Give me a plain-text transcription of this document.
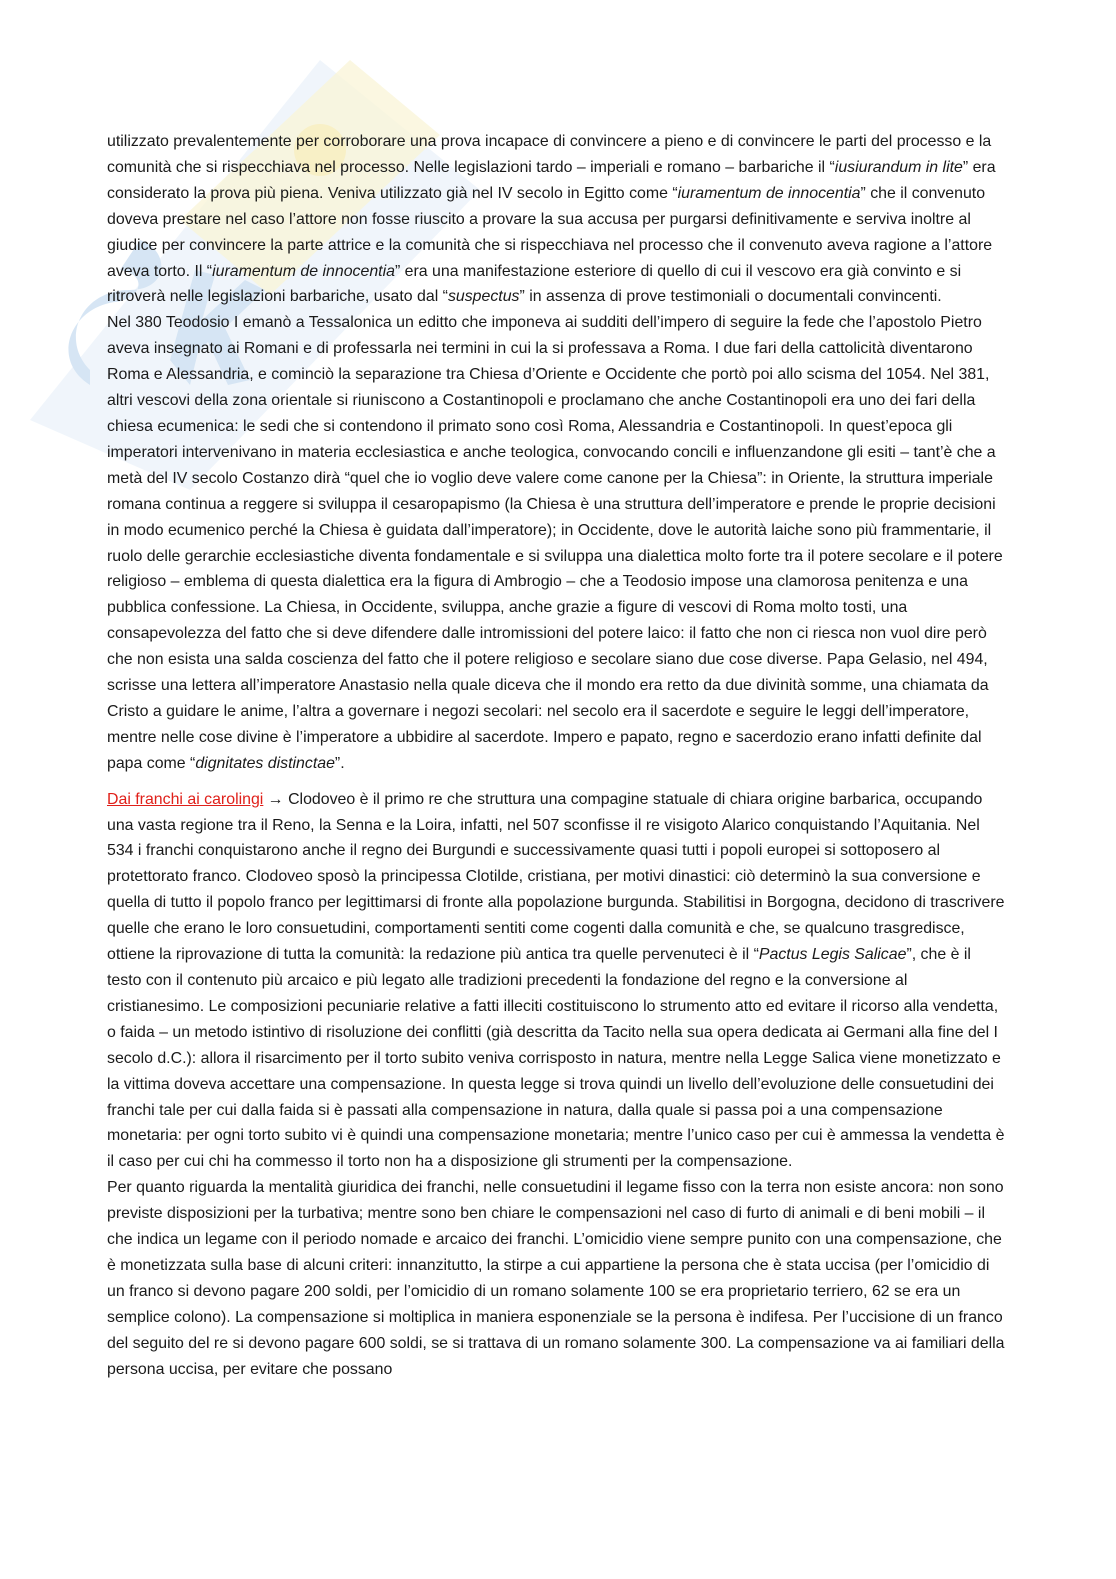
utilizzato prevalentemente per corroborare una prova incapace di convincere a pieno e di convincere le parti del processo e la comunità che si rispecchiava nel processo. Nelle legislazioni tardo – imperiali e romano – barbariche il “iusiurandum in lite” era considerato la prova più piena. Veniva utilizzato già nel IV secolo in Egitto come “iuramentum de innocentia” che il convenuto doveva prestare nel caso l’attore non fosse riuscito a provare la sua accusa per purgarsi definitivamente e serviva inoltre al giudice per convincere la parte attrice e la comunità che si rispecchiava nel processo che il convenuto aveva ragione a l’attore aveva torto. Il “iuramentum de innocentia” era una manifestazione esteriore di quello di cui il vescovo era già convinto e si ritroverà nelle legislazioni barbariche, usato dal “suspectus” in assenza di prove testimoniali o documentali convincenti.

Nel 380 Teodosio I emanò a Tessalonica un editto che imponeva ai sudditi dell’impero di seguire la fede che l’apostolo Pietro aveva insegnato ai Romani e di professarla nei termini in cui la si professava a Roma. I due fari della cattolicità diventarono Roma e Alessandria, e cominciò la separazione tra Chiesa d’Oriente e Occidente che portò poi allo scisma del 1054. Nel 381, altri vescovi della zona orientale si riuniscono a Costantinopoli e proclamano che anche Costantinopoli era uno dei fari della chiesa ecumenica: le sedi che si contendono il primato sono così Roma, Alessandria e Costantinopoli. In quest’epoca gli imperatori intervenivano in materia ecclesiastica e anche teologica, convocando concili e influenzandone gli esiti – tant’è che a metà del IV secolo Costanzo dirà “quel che io voglio deve valere come canone per la Chiesa”: in Oriente, la struttura imperiale romana continua a reggere si sviluppa il cesaropapismo (la Chiesa è una struttura dell’imperatore e prende le proprie decisioni in modo ecumenico perché la Chiesa è guidata dall’imperatore); in Occidente, dove le autorità laiche sono più frammentarie, il ruolo delle gerarchie ecclesiastiche diventa fondamentale e si sviluppa una dialettica molto forte tra il potere secolare e il potere religioso – emblema di questa dialettica era la figura di Ambrogio – che a Teodosio impose una clamorosa penitenza e una pubblica confessione. La Chiesa, in Occidente, sviluppa, anche grazie a figure di vescovi di Roma molto tosti, una consapevolezza del fatto che si deve difendere dalle intromissioni del potere laico: il fatto che non ci riesca non vuol dire però che non esista una salda coscienza del fatto che il potere religioso e secolare siano due cose diverse. Papa Gelasio, nel 494, scrisse una lettera all’imperatore Anastasio nella quale diceva che il mondo era retto da due divinità somme, una chiamata da Cristo a guidare le anime, l’altra a governare i negozi secolari: nel secolo era il sacerdote e seguire le leggi dell’imperatore, mentre nelle cose divine è l’imperatore a ubbidire al sacerdote. Impero e papato, regno e sacerdozio erano infatti definite dal papa come “dignitates distinctae”.

Dai franchi ai carolingi → Clodoveo è il primo re che struttura una compagine statuale di chiara origine barbarica, occupando una vasta regione tra il Reno, la Senna e la Loira, infatti, nel 507 sconfisse il re visigoto Alarico conquistando l’Aquitania. Nel 534 i franchi conquistarono anche il regno dei Burgundi e successivamente quasi tutti i popoli europei si sottoposero al protettorato franco. Clodoveo sposò la principessa Clotilde, cristiana, per motivi dinastici: ciò determinò la sua conversione e quella di tutto il popolo franco per legittimarsi di fronte alla popolazione burgunda. Stabilitisi in Borgogna, decidono di trascrivere quelle che erano le loro consuetudini, comportamenti sentiti come cogenti dalla comunità e che, se qualcuno trasgredisce, ottiene la riprovazione di tutta la comunità: la redazione più antica tra quelle pervenuteci è il “Pactus Legis Salicae”, che è il testo con il contenuto più arcaico e più legato alle tradizioni precedenti la fondazione del regno e la conversione al cristianesimo. Le composizioni pecuniarie relative a fatti illeciti costituiscono lo strumento atto ed evitare il ricorso alla vendetta, o faida – un metodo istintivo di risoluzione dei conflitti (già descritta da Tacito nella sua opera dedicata ai Germani alla fine del I secolo d.C.): allora il risarcimento per il torto subito veniva corrisposto in natura, mentre nella Legge Salica viene monetizzato e la vittima doveva accettare una compensazione. In questa legge si trova quindi un livello dell’evoluzione delle consuetudini dei franchi tale per cui dalla faida si è passati alla compensazione in natura, dalla quale si passa poi a una compensazione monetaria: per ogni torto subito vi è quindi una compensazione monetaria; mentre l’unico caso per cui è ammessa la vendetta è il caso per cui chi ha commesso il torto non ha a disposizione gli strumenti per la compensazione.

Per quanto riguarda la mentalità giuridica dei franchi, nelle consuetudini il legame fisso con la terra non esiste ancora: non sono previste disposizioni per la turbativa; mentre sono ben chiare le compensazioni nel caso di furto di animali e di beni mobili – il che indica un legame con il periodo nomade e arcaico dei franchi. L’omicidio viene sempre punito con una compensazione, che è monetizzata sulla base di alcuni criteri: innanzitutto, la stirpe a cui appartiene la persona che è stata uccisa (per l’omicidio di un franco si devono pagare 200 soldi, per l’omicidio di un romano solamente 100 se era proprietario terriero, 62 se era un semplice colono). La compensazione si moltiplica in maniera esponenziale se la persona è indifesa. Per l’uccisione di un franco del seguito del re si devono pagare 600 soldi, se si trattava di un romano solamente 300. La compensazione va ai familiari della persona uccisa, per evitare che possano
